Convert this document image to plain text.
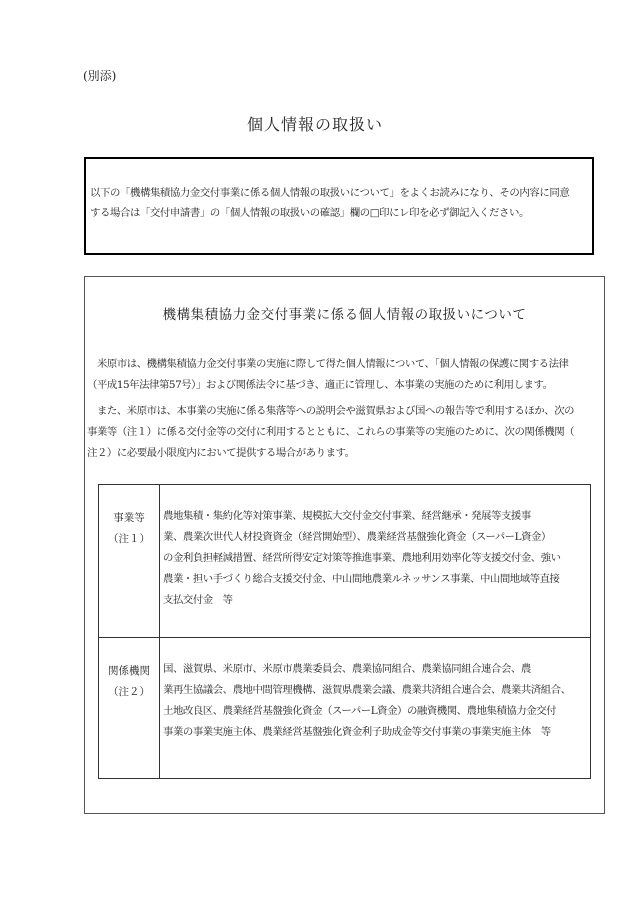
(別添)
個人情報の取扱い
以下の「機構集積協力金交付事業に係る個人情報の取扱いについて」をよくお読みになり、その内容に同意
する場合は「交付申請書」の「個人情報の取扱いの確認」欄の□印にレ印を必ず御記入ください。
機構集積協力金交付事業に係る個人情報の取扱いについて
　米原市は、機構集積協力金交付事業の実施に際して得た個人情報について、「個人情報の保護に関する法律
（平成15年法律第57号）」および関係法令に基づき、適正に管理し、本事業の実施のために利用します。
　また、米原市は、本事業の実施に係る集落等への説明会や滋賀県および国への報告等で利用するほか、次の
事業等（注１）に係る交付金等の交付に利用するとともに、これらの事業等の実施のために、次の関係機関（
注２）に必要最小限度内において提供する場合があります。
事業等
（注１）	農地集積・集約化等対策事業、規模拡大交付金交付事業、経営継承・発展等支援事
業、農業次世代人材投資資金（経営開始型）、農業経営基盤強化資金（スーパーL資金）
の金利負担軽減措置、経営所得安定対策等推進事業、農地利用効率化等支援交付金、強い
農業・担い手づくり総合支援交付金、中山間地農業ルネッサンス事業、中山間地域等直接
支払交付金　等

関係機関
（注２）	国、滋賀県、米原市、米原市農業委員会、農業協同組合、農業協同組合連合会、農
業再生協議会、農地中間管理機構、滋賀県農業会議、農業共済組合連合会、農業共済組合、
土地改良区、農業経営基盤強化資金（スーパーL資金）の融資機関、農地集積協力金交付
事業の事業実施主体、農業経営基盤強化資金利子助成金等交付事業の事業実施主体　等
